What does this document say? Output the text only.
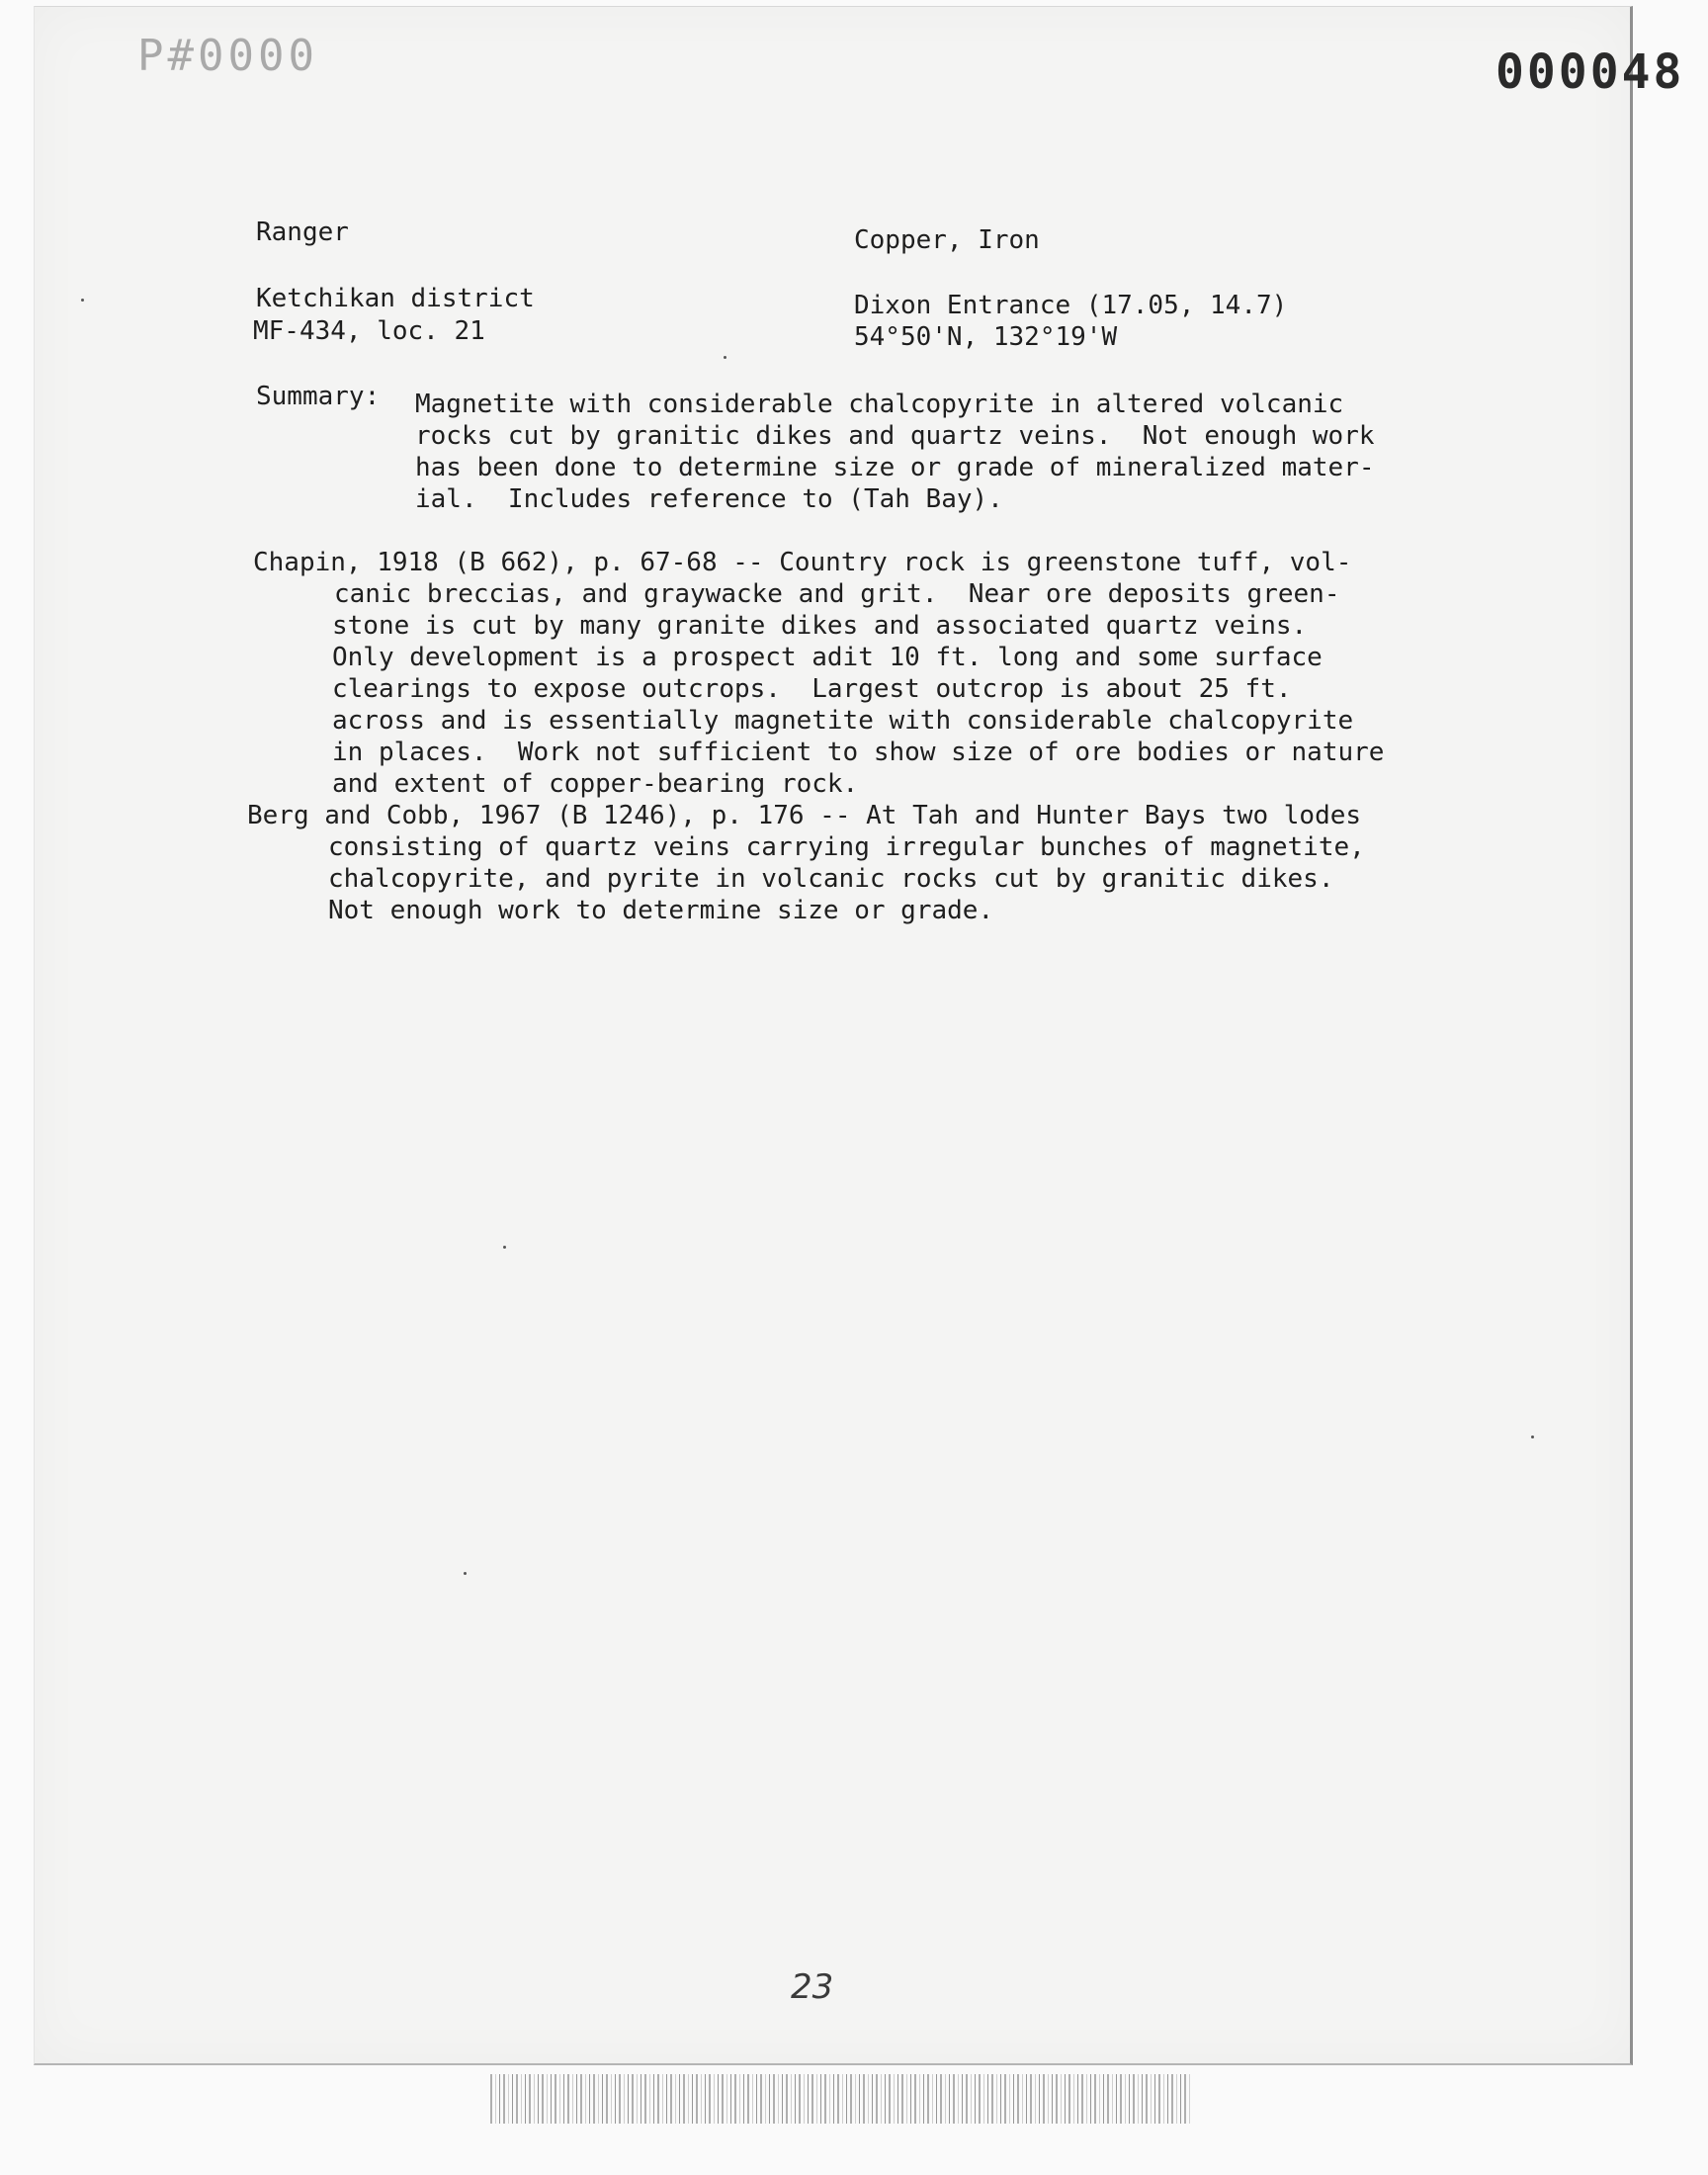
P#0000	000048
Ranger	Copper, Iron
Ketchikan district
MF-434, loc. 21
Dixon Entrance (17.05, 14.7)
54°50'N, 132°19'W
Summary: Magnetite with considerable chalcopyrite in altered volcanic
rocks cut by granitic dikes and quartz veins.  Not enough work
has been done to determine size or grade of mineralized mater-
ial.  Includes reference to (Tah Bay).
Chapin, 1918 (B 662), p. 67-68 -- Country rock is greenstone tuff, vol-
canic breccias, and graywacke and grit.  Near ore deposits green-
stone is cut by many granite dikes and associated quartz veins.
Only development is a prospect adit 10 ft. long and some surface
clearings to expose outcrops.  Largest outcrop is about 25 ft.
across and is essentially magnetite with considerable chalcopyrite
in places.  Work not sufficient to show size of ore bodies or nature
and extent of copper-bearing rock.
Berg and Cobb, 1967 (B 1246), p. 176 -- At Tah and Hunter Bays two lodes
consisting of quartz veins carrying irregular bunches of magnetite,
chalcopyrite, and pyrite in volcanic rocks cut by granitic dikes.
Not enough work to determine size or grade.
23
